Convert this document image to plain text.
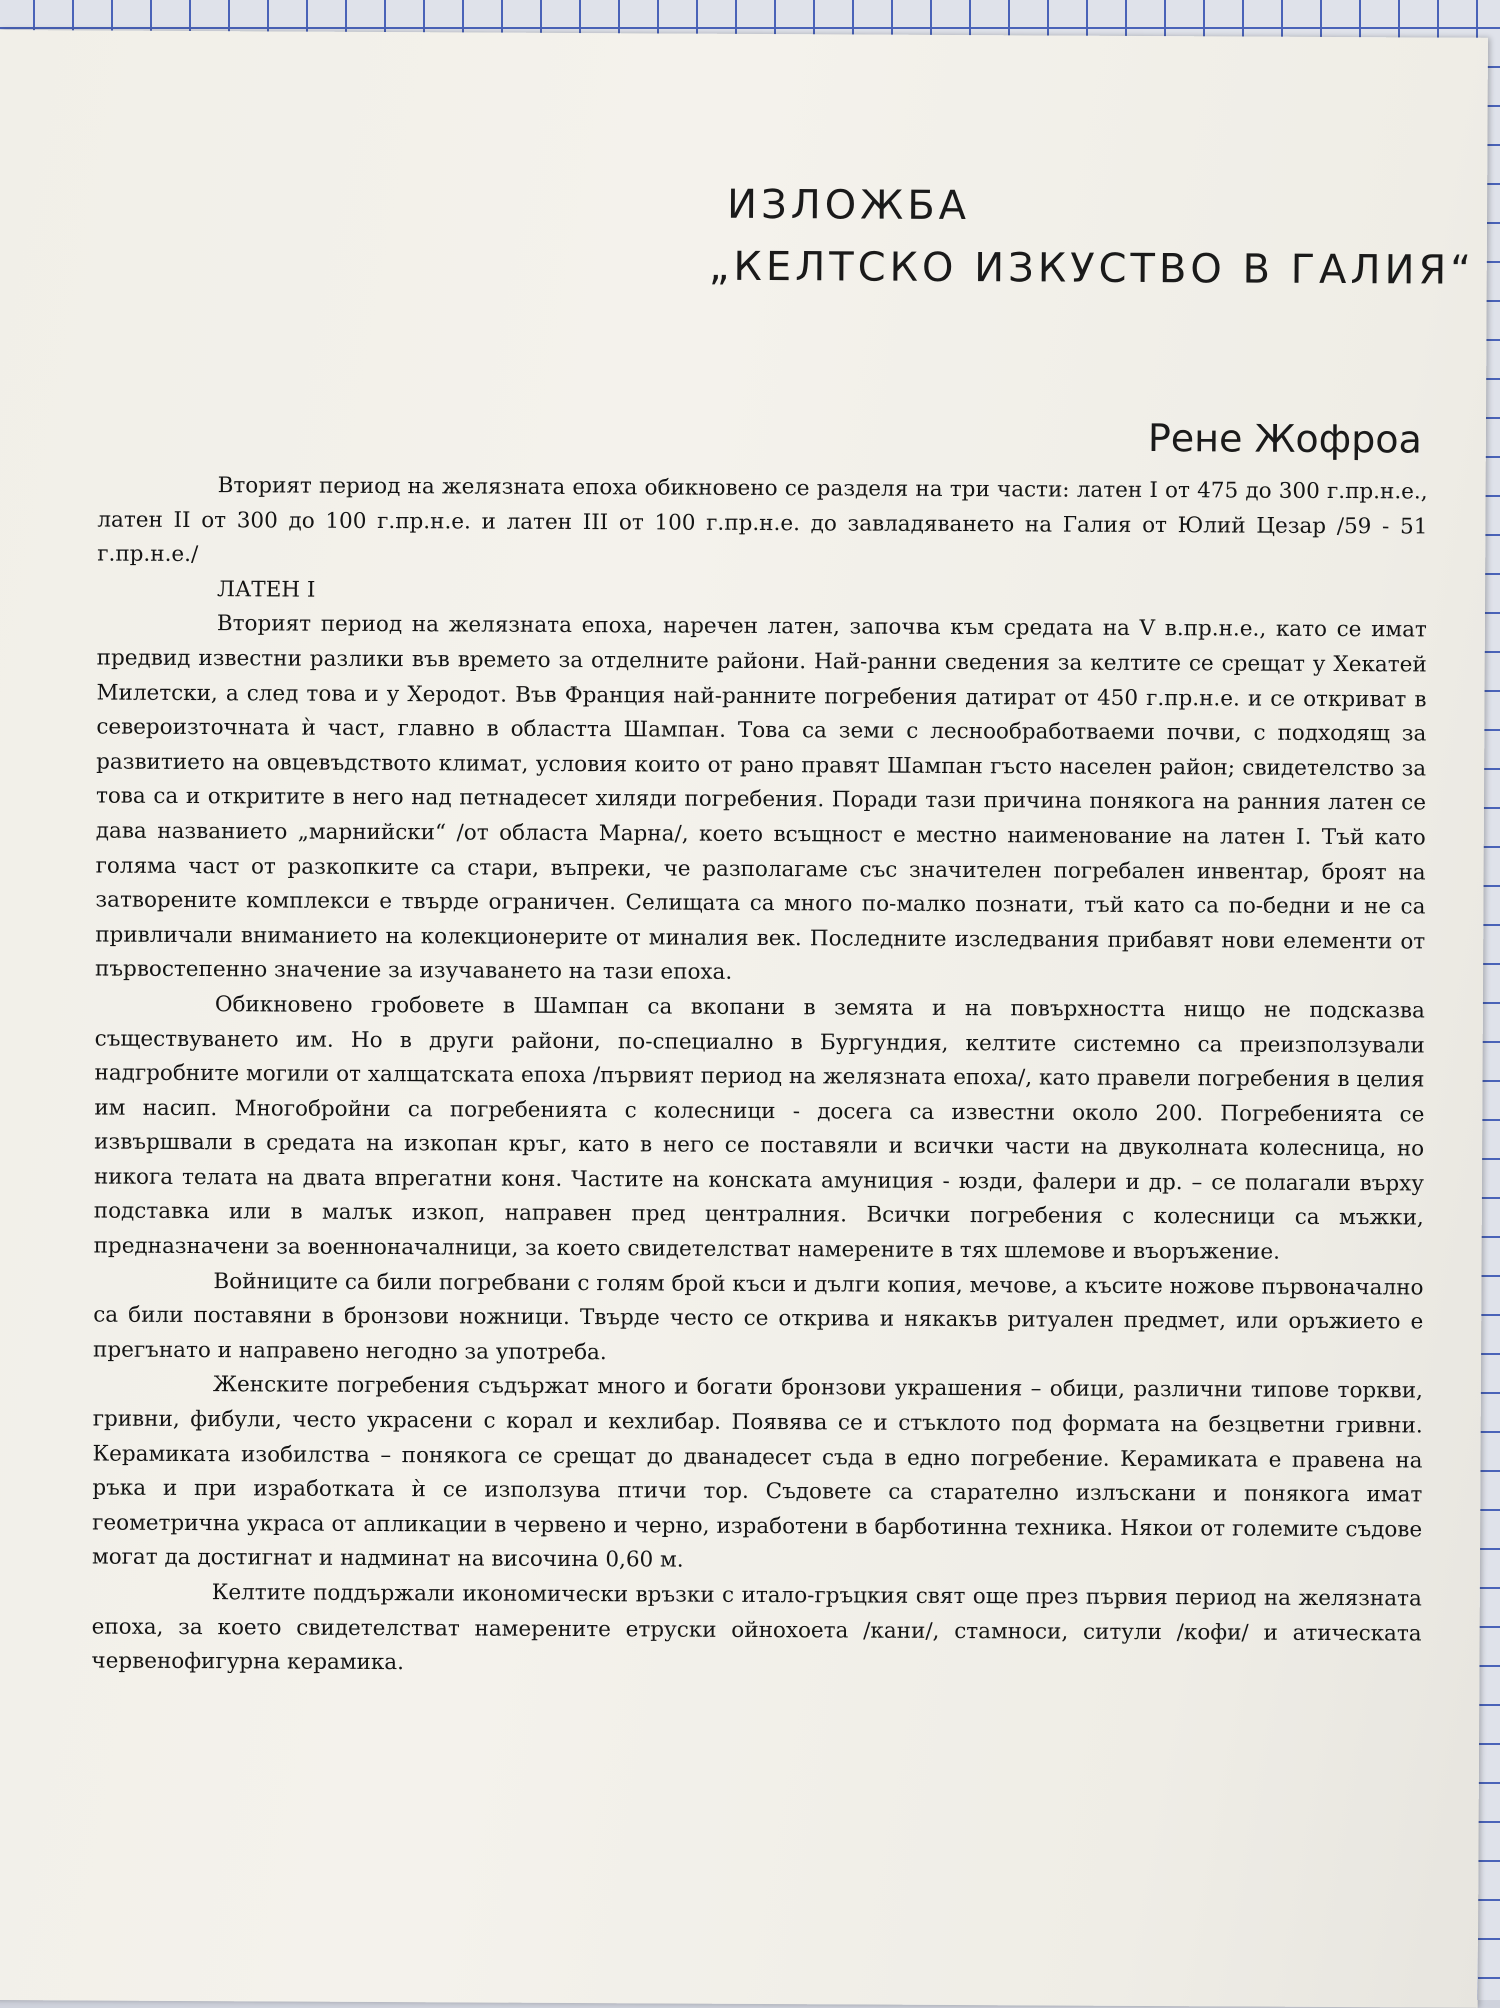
ИЗЛОЖБА
„КЕЛТСКО ИЗКУСТВО В ГАЛИЯ“
Рене Жофроа

Вторият период на желязната епоха обикновено се разделя на три части: латен I от 475 до 300 г.пр.н.е., латен II от 300 до 100 г.пр.н.е. и латен III от 100 г.пр.н.е. до завладяването на Галия от Юлий Цезар /59 - 51 г.пр.н.е./

ЛАТЕН I

Вторият период на желязната епоха, наречен латен, започва към средата на V в.пр.н.е., като се имат предвид известни разлики във времето за отделните райони. Най-ранни сведения за келтите се срещат у Хекатей Милетски, а след това и у Херодот. Във Франция най-ранните погребения датират от 450 г.пр.н.е. и се откриват в североизточната ѝ част, главно в областта Шампан. Това са земи с леснообработваеми почви, с подходящ за развитието на овцевъдството климат, условия които от рано правят Шампан гъсто населен район; свидетелство за това са и откритите в него над петнадесет хиляди погребения. Поради тази причина понякога на ранния латен се дава названието „марнийски“ /от областа Марна/, което всъщност е местно наименование на латен I. Тъй като голяма част от разкопките са стари, въпреки, че разполагаме със значителен погребален инвентар, броят на затворените комплекси е твърде ограничен. Селищата са много по-малко познати, тъй като са по-бедни и не са привличали вниманието на колекционерите от миналия век. Последните изследвания прибавят нови елементи от първостепенно значение за изучаването на тази епоха.

Обикновено гробовете в Шампан са вкопани в земята и на повърхността нищо не подсказва съществуването им. Но в други райони, по-специално в Бургундия, келтите системно са преизползували надгробните могили от халщатската епоха /първият период на желязната епоха/, като правели погребения в целия им насип. Многобройни са погребенията с колесници - досега са известни около 200. Погребенията се извършвали в средата на изкопан кръг, като в него се поставяли и всички части на двуколната колесница, но никога телата на двата впрегатни коня. Частите на конската амуниция - юзди, фалери и др. – се полагали върху подставка или в малък изкоп, направен пред централния. Всички погребения с колесници са мъжки, предназначени за военноначалници, за което свидетелстват намерените в тях шлемове и въоръжение.

Войниците са били погребвани с голям брой къси и дълги копия, мечове, а късите ножове първоначално са били поставяни в бронзови ножници. Твърде често се открива и някакъв ритуален предмет, или оръжието е прегънато и направено негодно за употреба.

Женските погребения съдържат много и богати бронзови украшения – обици, различни типове торкви, гривни, фибули, често украсени с корал и кехлибар. Появява се и стъклото под формата на безцветни гривни. Керамиката изобилства – понякога се срещат до дванадесет съда в едно погребение. Керамиката е правена на ръка и при изработката ѝ се използува птичи тор. Съдовете са старателно излъскани и понякога имат геометрична украса от апликации в червено и черно, изработени в барботинна техника. Някои от големите съдове могат да достигнат и надминат на височина 0,60 м.

Келтите поддържали икономически връзки с итало-гръцкия свят още през първия период на желязната епоха, за което свидетелстват намерените етруски ойнохоета /кани/, стамноси, ситули /кофи/ и атическата червенофигурна керамика.
